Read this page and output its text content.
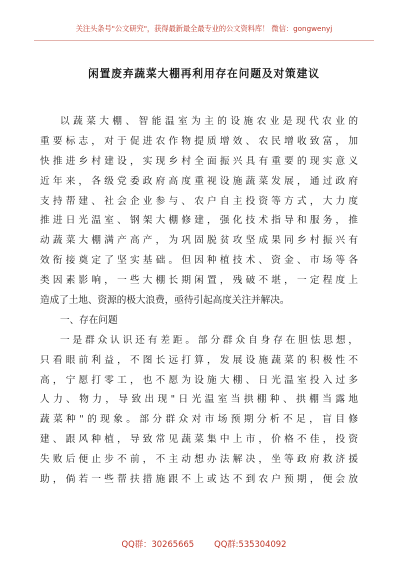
关注头条号"公文研究"，获得最新最全最专业的公文资料库！ 微信：gongwenyj
闲置废弃蔬菜大棚再利用存在问题及对策建议
以蔬菜大棚、智能温室为主的设施农业是现代农业的
重要标志，对于促进农作物提质增效、农民增收致富，加
快推进乡村建设，实现乡村全面振兴具有重要的现实意义
近年来，各级党委政府高度重视设施蔬菜发展，通过政府
支持帮建、社会企业参与、农户自主投资等方式，大力度
推进日光温室、钢架大棚修建，强化技术指导和服务，推
动蔬菜大棚满产高产，为巩固脱贫攻坚成果同乡村振兴有
效衔接奠定了坚实基础。但因种植技术、资金、市场等各
类因素影响，一些大棚长期闲置，残破不堪，一定程度上
造成了土地、资源的极大浪费，亟待引起高度关注并解决。
一、存在问题
一是群众认识还有差距。部分群众自身存在胆怯思想，
只看眼前利益，不图长远打算，发展设施蔬菜的积极性不
高，宁愿打零工，也不愿为设施大棚、日光温室投入过多
人力、物力，导致出现"日光温室当拱棚种、拱棚当露地
蔬菜种"的现象。部分群众对市场预期分析不足，盲目修
建、跟风种植，导致常见蔬菜集中上市，价格不佳，投资
失败后便止步不前，不主动想办法解决，坐等政府救济援
助，倘若一些帮扶措施跟不上或达不到农户预期，便会放
QQ群：30265665 QQ群:535304092
